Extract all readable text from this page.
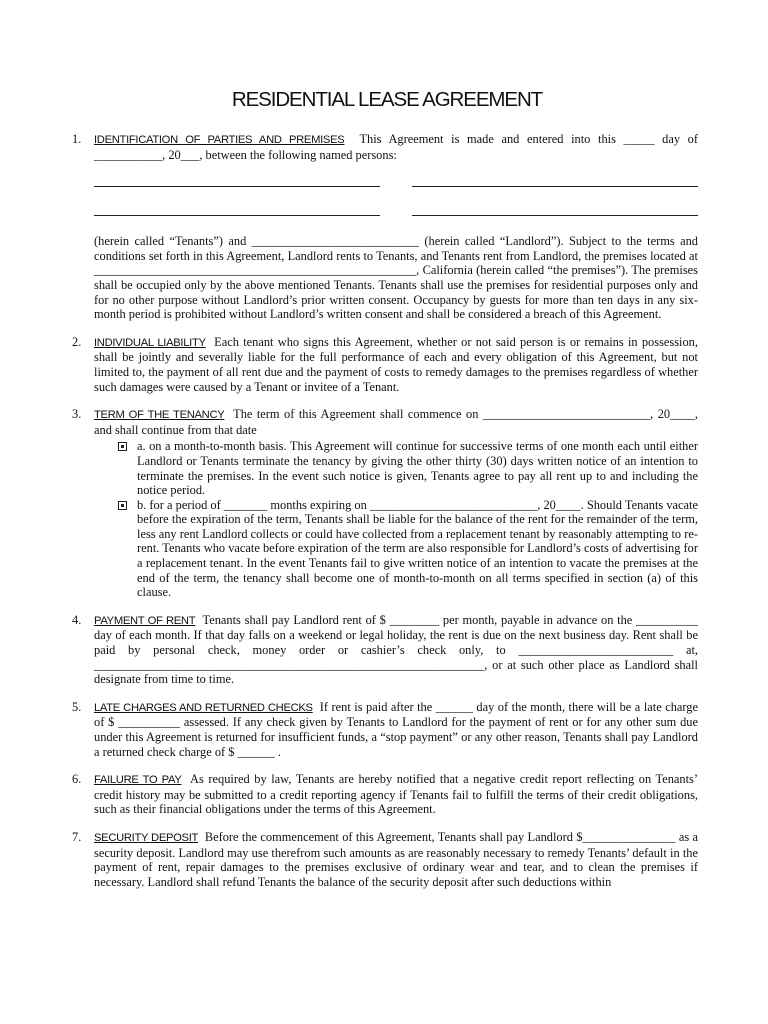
RESIDENTIAL LEASE AGREEMENT
1.	IDENTIFICATION OF PARTIES AND PREMISES This Agreement is made and entered into this _____ day of ___________, 20___, between the following named persons:
(herein called “Tenants”) and ___________________________ (herein called “Landlord”). Subject to the terms and conditions set forth in this Agreement, Landlord rents to Tenants, and Tenants rent from Landlord, the premises located at ____________________________________________________, California (herein called “the premises”). The premises shall be occupied only by the above mentioned Tenants. Tenants shall use the premises for residential purposes only and for no other purpose without Landlord’s prior written consent. Occupancy by guests for more than ten days in any six-month period is prohibited without Landlord’s written consent and shall be considered a breach of this Agreement.
2.	INDIVIDUAL LIABILITY Each tenant who signs this Agreement, whether or not said person is or remains in possession, shall be jointly and severally liable for the full performance of each and every obligation of this Agreement, but not limited to, the payment of all rent due and the payment of costs to remedy damages to the premises regardless of whether such damages were caused by a Tenant or invitee of a Tenant.
3.	TERM OF THE TENANCY The term of this Agreement shall commence on ___________________________, 20____, and shall continue from that date
a. on a month-to-month basis. This Agreement will continue for successive terms of one month each until either Landlord or Tenants terminate the tenancy by giving the other thirty (30) days written notice of an intention to terminate the premises. In the event such notice is given, Tenants agree to pay all rent up to and including the notice period.
b. for a period of _______ months expiring on ___________________________, 20____. Should Tenants vacate before the expiration of the term, Tenants shall be liable for the balance of the rent for the remainder of the term, less any rent Landlord collects or could have collected from a replacement tenant by reasonably attempting to re-rent. Tenants who vacate before expiration of the term are also responsible for Landlord’s costs of advertising for a replacement tenant. In the event Tenants fail to give written notice of an intention to vacate the premises at the end of the term, the tenancy shall become one of month-to-month on all terms specified in section (a) of this clause.
4.	PAYMENT OF RENT Tenants shall pay Landlord rent of $ ________ per month, payable in advance on the __________ day of each month. If that day falls on a weekend or legal holiday, the rent is due on the next business day. Rent shall be paid by personal check, money order or cashier’s check only, to _________________________ at, _______________________________________________________________, or at such other place as Landlord shall designate from time to time.
5.	LATE CHARGES AND RETURNED CHECKS If rent is paid after the ______ day of the month, there will be a late charge of $ __________ assessed. If any check given by Tenants to Landlord for the payment of rent or for any other sum due under this Agreement is returned for insufficient funds, a “stop payment” or any other reason, Tenants shall pay Landlord a returned check charge of $ ______ .
6.	FAILURE TO PAY As required by law, Tenants are hereby notified that a negative credit report reflecting on Tenants’ credit history may be submitted to a credit reporting agency if Tenants fail to fulfill the terms of their credit obligations, such as their financial obligations under the terms of this Agreement.
7.	SECURITY DEPOSIT Before the commencement of this Agreement, Tenants shall pay Landlord $_______________ as a security deposit. Landlord may use therefrom such amounts as are reasonably necessary to remedy Tenants’ default in the payment of rent, repair damages to the premises exclusive of ordinary wear and tear, and to clean the premises if necessary. Landlord shall refund Tenants the balance of the security deposit after such deductions within
